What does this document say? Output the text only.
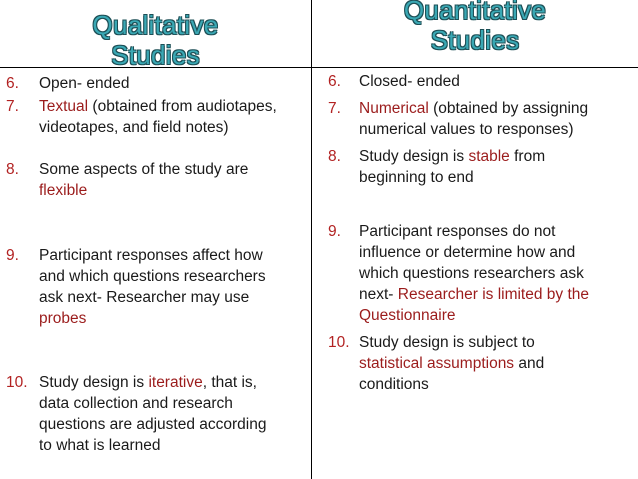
Qualitative
Studies
Quantitative
Studies
6. Open- ended
7. Textual (obtained from audiotapes,
videotapes, and field notes)
8. Some aspects of the study are
flexible
9. Participant responses affect how
and which questions researchers
ask next- Researcher may use
probes
10. Study design is iterative, that is,
data collection and research
questions are adjusted according
to what is learned
6. Closed- ended
7. Numerical (obtained by assigning
numerical values to responses)
8. Study design is stable from
beginning to end
9. Participant responses do not
influence or determine how and
which questions researchers ask
next- Researcher is limited by the
Questionnaire
10. Study design is subject to
statistical assumptions and
conditions
